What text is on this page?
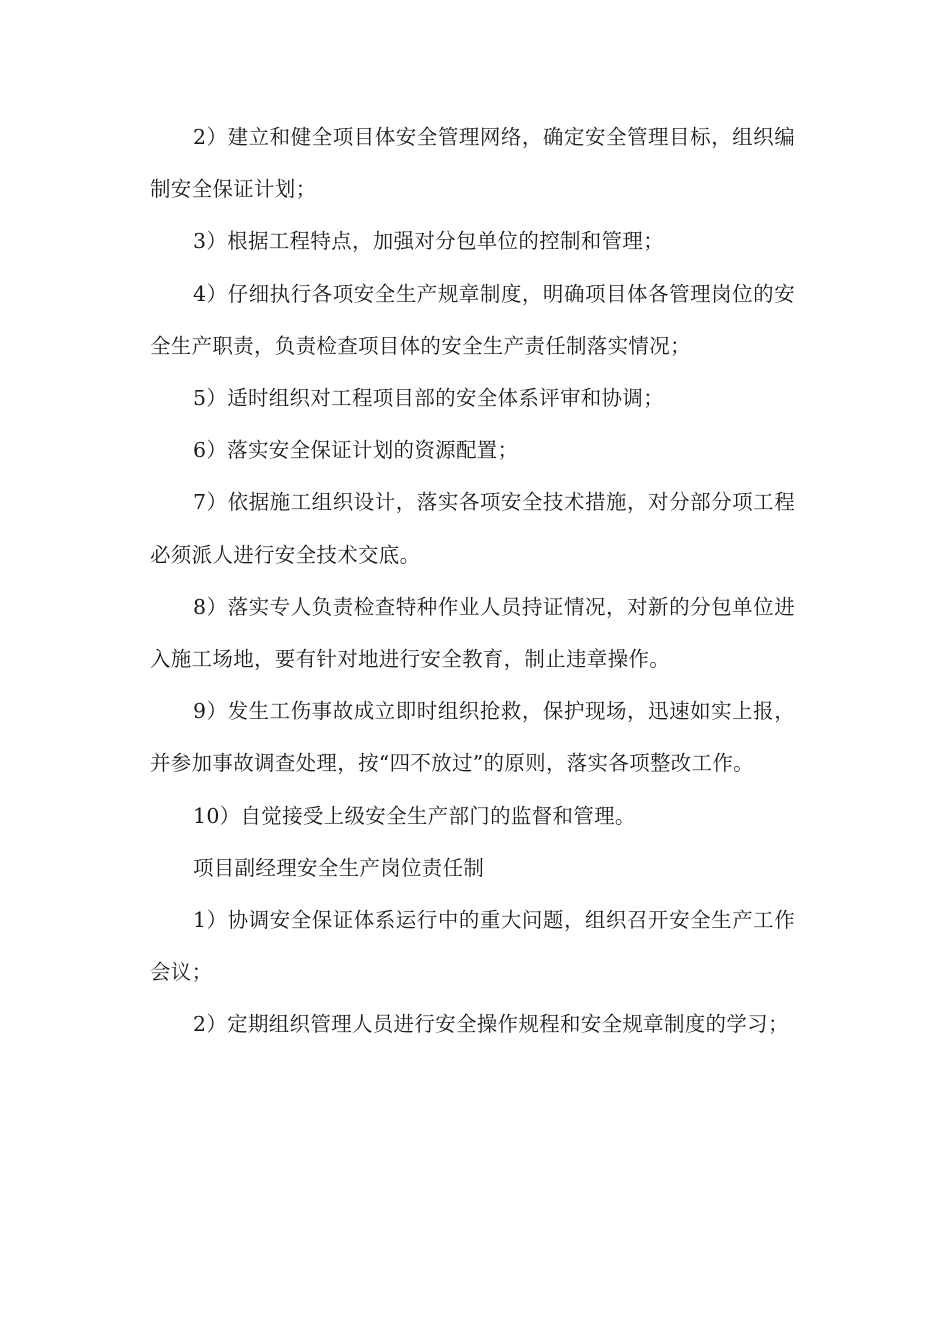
2）建立和健全项目体安全管理网络，确定安全管理目标，组织编制安全保证计划；

3）根据工程特点，加强对分包单位的控制和管理；

4）仔细执行各项安全生产规章制度，明确项目体各管理岗位的安全生产职责，负责检查项目体的安全生产责任制落实情况；

5）适时组织对工程项目部的安全体系评审和协调；

6）落实安全保证计划的资源配置；

7）依据施工组织设计，落实各项安全技术措施，对分部分项工程必须派人进行安全技术交底。

8）落实专人负责检查特种作业人员持证情况，对新的分包单位进入施工场地，要有针对地进行安全教育，制止违章操作。

9）发生工伤事故成立即时组织抢救，保护现场，迅速如实上报，并参加事故调查处理，按“四不放过”的原则，落实各项整改工作。

10）自觉接受上级安全生产部门的监督和管理。

项目副经理安全生产岗位责任制

1）协调安全保证体系运行中的重大问题，组织召开安全生产工作会议；

2）定期组织管理人员进行安全操作规程和安全规章制度的学习；
